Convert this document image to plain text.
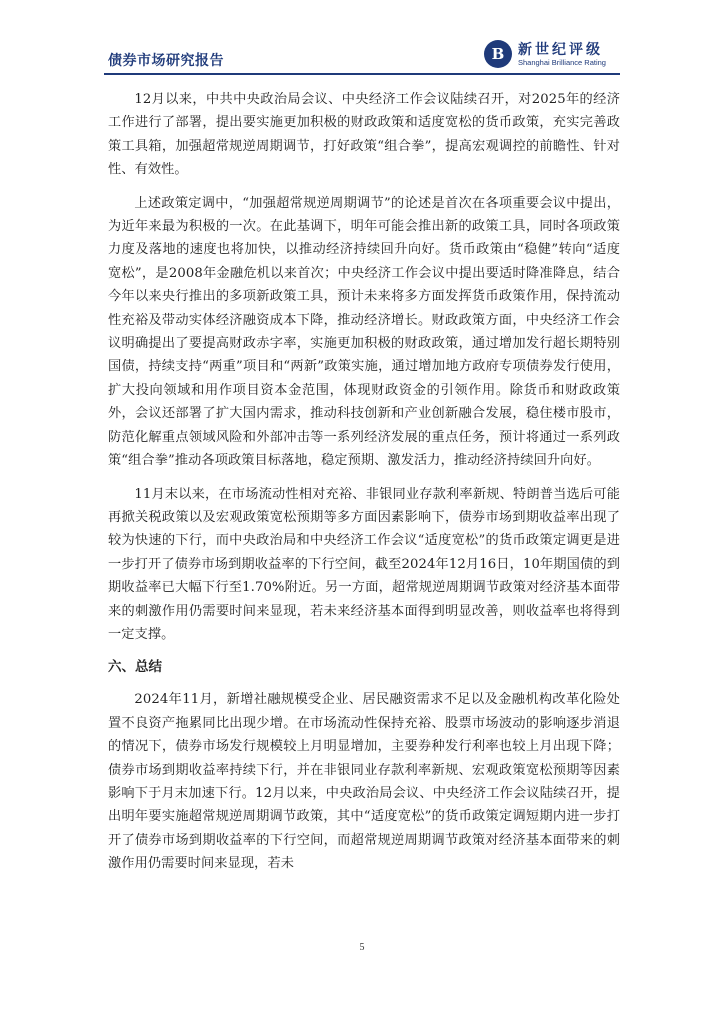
债券市场研究报告	B 新世纪评级
Shanghai Brilliance Rating

12月以来，中共中央政治局会议、中央经济工作会议陆续召开，对2025年的经济工作进行了部署，提出要实施更加积极的财政政策和适度宽松的货币政策，充实完善政策工具箱，加强超常规逆周期调节，打好政策“组合拳”，提高宏观调控的前瞻性、针对性、有效性。

上述政策定调中，“加强超常规逆周期调节”的论述是首次在各项重要会议中提出，为近年来最为积极的一次。在此基调下，明年可能会推出新的政策工具，同时各项政策力度及落地的速度也将加快，以推动经济持续回升向好。货币政策由“稳健”转向“适度宽松”，是2008年金融危机以来首次；中央经济工作会议中提出要适时降准降息，结合今年以来央行推出的多项新政策工具，预计未来将多方面发挥货币政策作用，保持流动性充裕及带动实体经济融资成本下降，推动经济增长。财政政策方面，中央经济工作会议明确提出了要提高财政赤字率，实施更加积极的财政政策，通过增加发行超长期特别国债，持续支持“两重”项目和“两新”政策实施，通过增加地方政府专项债券发行使用，扩大投向领域和用作项目资本金范围，体现财政资金的引领作用。除货币和财政政策外，会议还部署了扩大国内需求，推动科技创新和产业创新融合发展，稳住楼市股市，防范化解重点领域风险和外部冲击等一系列经济发展的重点任务，预计将通过一系列政策“组合拳”推动各项政策目标落地，稳定预期、激发活力，推动经济持续回升向好。

11月末以来，在市场流动性相对充裕、非银同业存款利率新规、特朗普当选后可能再掀关税政策以及宏观政策宽松预期等多方面因素影响下，债券市场到期收益率出现了较为快速的下行，而中央政治局和中央经济工作会议“适度宽松”的货币政策定调更是进一步打开了债券市场到期收益率的下行空间，截至2024年12月16日，10年期国债的到期收益率已大幅下行至1.70%附近。另一方面，超常规逆周期调节政策对经济基本面带来的刺激作用仍需要时间来显现，若未来经济基本面得到明显改善，则收益率也将得到一定支撑。

六、总结

2024年11月，新增社融规模受企业、居民融资需求不足以及金融机构改革化险处置不良资产拖累同比出现少增。在市场流动性保持充裕、股票市场波动的影响逐步消退的情况下，债券市场发行规模较上月明显增加，主要券种发行利率也较上月出现下降；债券市场到期收益率持续下行，并在非银同业存款利率新规、宏观政策宽松预期等因素影响下于月末加速下行。12月以来，中央政治局会议、中央经济工作会议陆续召开，提出明年要实施超常规逆周期调节政策，其中“适度宽松”的货币政策定调短期内进一步打开了债券市场到期收益率的下行空间，而超常规逆周期调节政策对经济基本面带来的刺激作用仍需要时间来显现，若未

5
